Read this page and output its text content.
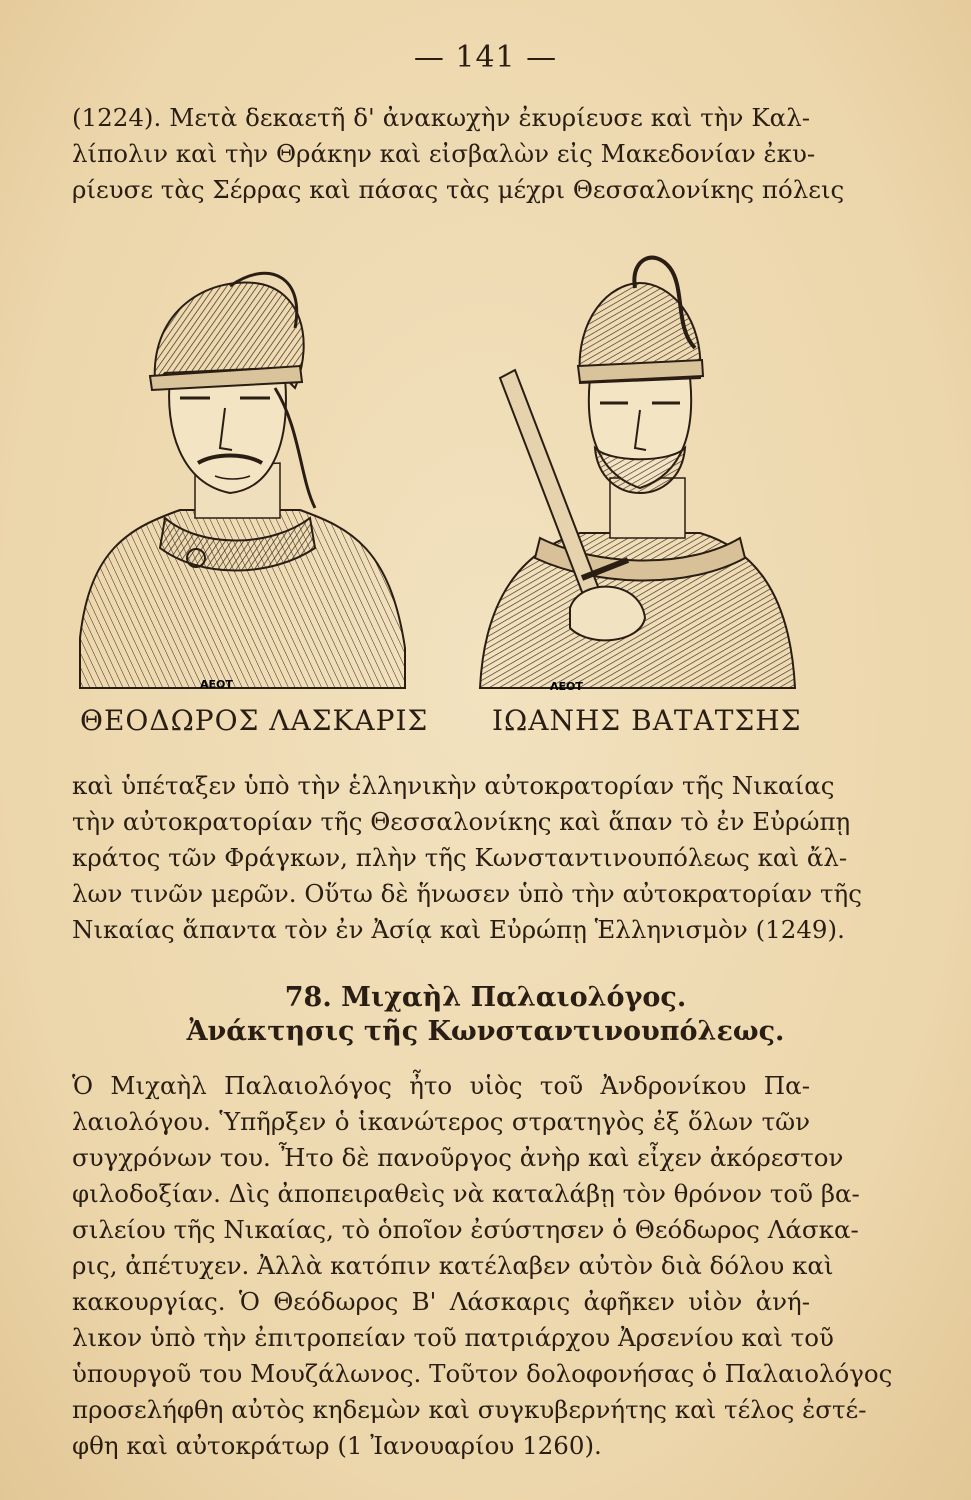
— 141 —
(1224). Μετὰ δεκαετῆ δ' ἀνακωχὴν ἐκυρίευσε καὶ τὴν Καλ-
λίπολιν καὶ τὴν Θράκην καὶ εἰσβαλὼν εἰς Μακεδονίαν ἐκυ-
ρίευσε τὰς Σέρρας καὶ πάσας τὰς μέχρι Θεσσαλονίκης πόλεις
ΑΕΟΤ	ΛΕΟΤ
ΘΕΟΔΩΡΟΣ ΛΑΣΚΑΡΙΣ ΙΩΑΝΗΣ ΒΑΤΑΤΣΗΣ
καὶ ὑπέταξεν ὑπὸ τὴν ἑλληνικὴν αὐτοκρατορίαν τῆς Νικαίας
τὴν αὐτοκρατορίαν τῆς Θεσσαλονίκης καὶ ἅπαν τὸ ἐν Εὐρώπῃ
κράτος τῶν Φράγκων, πλὴν τῆς Κωνσταντινουπόλεως καὶ ἄλ-
λων τινῶν μερῶν. Οὕτω δὲ ἥνωσεν ὑπὸ τὴν αὐτοκρατορίαν τῆς
Νικαίας ἅπαντα τὸν ἐν Ἀσίᾳ καὶ Εὐρώπῃ Ἑλληνισμὸν (1249).
78. Μιχαὴλ Παλαιολόγος.
Ἀνάκτησις τῆς Κωνσταντινουπόλεως.
Ὁ Μιχαὴλ Παλαιολόγος ἦτο υἱὸς τοῦ Ἀνδρονίκου Πα-
λαιολόγου. Ὑπῆρξεν ὁ ἱκανώτερος στρατηγὸς ἐξ ὅλων τῶν
συγχρόνων του. Ἦτο δὲ πανοῦργος ἀνὴρ καὶ εἶχεν ἀκόρεστον
φιλοδοξίαν. Δὶς ἀποπειραθεὶς νὰ καταλάβῃ τὸν θρόνον τοῦ βα-
σιλείου τῆς Νικαίας, τὸ ὁποῖον ἐσύστησεν ὁ Θεόδωρος Λάσκα-
ρις, ἀπέτυχεν. Ἀλλὰ κατόπιν κατέλαβεν αὐτὸν διὰ δόλου καὶ
κακουργίας. Ὁ Θεόδωρος Β' Λάσκαρις ἀφῆκεν υἱὸν ἀνή-
λικον ὑπὸ τὴν ἐπιτροπείαν τοῦ πατριάρχου Ἀρσενίου καὶ τοῦ
ὑπουργοῦ του Μουζάλωνος. Τοῦτον δολοφονήσας ὁ Παλαιολόγος
προσελήφθη αὐτὸς κηδεμὼν καὶ συγκυβερνήτης καὶ τέλος ἐστέ-
φθη καὶ αὐτοκράτωρ (1 Ἰανουαρίου 1260).
